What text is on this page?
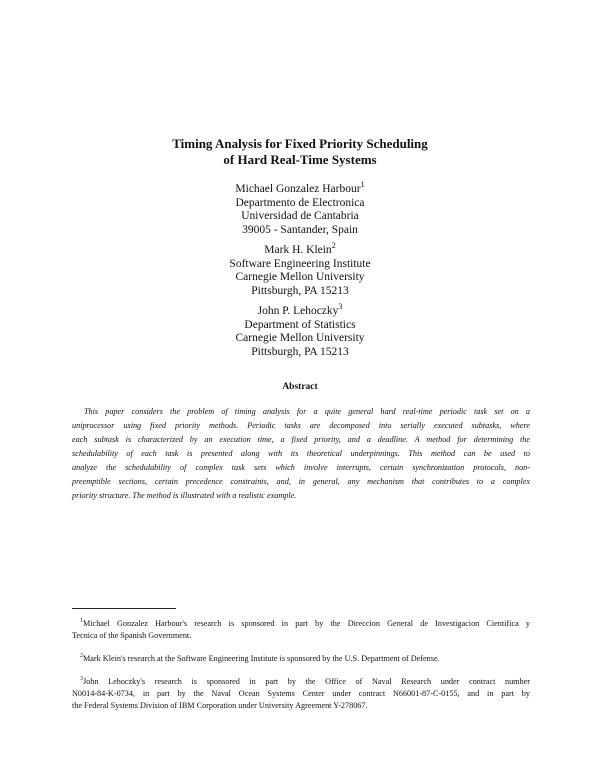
Timing Analysis for Fixed Priority Scheduling
of Hard Real-Time Systems
Michael Gonzalez Harbour$^1$
Departmento de Electronica
Universidad de Cantabria
39005 - Santander, Spain
Mark H. Klein$^2$
Software Engineering Institute
Carnegie Mellon University
Pittsburgh, PA 15213
John P. Lehoczky$^3$
Department of Statistics
Carnegie Mellon University
Pittsburgh, PA 15213
Abstract
This paper considers the problem of timing analysis for a quite general hard real-time periodic task set on a
uniprocessor using fixed priority methods. Periodic tasks are decomposed into serially executed subtasks, where
each subtask is characterized by an execution time, a fixed priority, and a deadline. A method for determining the
schedulability of each task is presented along with its theoretical underpinnings. This method can be used to
analyze the schedulability of complex task sets which involve interrupts, certain synchronization protocols, non-
preemptible sections, certain precedence constraints, and, in general, any mechanism that contributes to a complex
priority structure. The method is illustrated with a realistic example.
$^1$Michael Gonzalez Harbour's research is sponsored in part by the Direccion General de Investigacion Cientifica y
Tecnica of the Spanish Government.
$^2$Mark Klein's research at the Software Engineering Institute is sponsored by the U.S. Department of Defense.
$^3$John Lehoczky's research is sponsored in part by the Office of Naval Research under contract number
N0014-84-K-0734, in part by the Naval Ocean Systems Center under contract N66001-87-C-0155, and in part by
the Federal Systems Division of IBM Corporation under University Agreement Y-278067.
